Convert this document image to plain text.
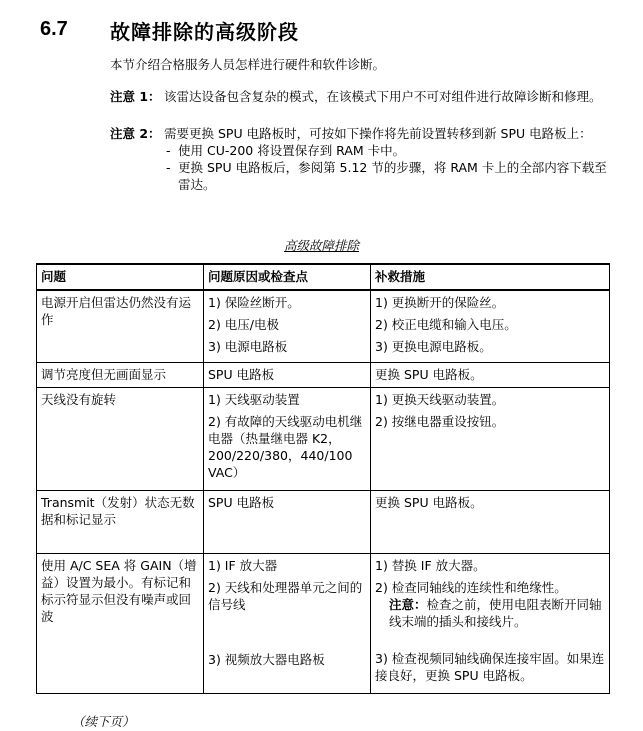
6.7 故障排除的高级阶段
本节介绍合格服务人员怎样进行硬件和软件诊断。
注意 1： 该雷达设备包含复杂的模式，在该模式下用户不可对组件进行故障诊断和修理。
注意 2： 需要更换 SPU 电路板时，可按如下操作将先前设置转移到新 SPU 电路板上：
- 使用 CU-200 将设置保存到 RAM 卡中。
- 更换 SPU 电路板后，参阅第 5.12 节的步骤，将 RAM 卡上的全部内容下载至雷达。
高级故障排除
问题	问题原因或检查点	补救措施
电源开启但雷达仍然没有运作	1) 保险丝断开。
2) 电压/电极
3) 电源电路板	1) 更换断开的保险丝。
2) 校正电缆和输入电压。
3) 更换电源电路板。

调节亮度但无画面显示	SPU 电路板	更换 SPU 电路板。
天线没有旋转	1) 天线驱动装置
2) 有故障的天线驱动电机继电器（热量继电器 K2，200/220/380，440/100 VAC）	1) 更换天线驱动装置。
2) 按继电器重设按钮。

Transmit（发射）状态无数据和标记显示	SPU 电路板	更换 SPU 电路板。
使用 A/C SEA 将 GAIN（增益）设置为最小。有标记和标示符显示但没有噪声或回波	1) IF 放大器
2) 天线和处理器单元之间的信号线
3) 视频放大器电路板	1) 替换 IF 放大器。
2) 检查同轴线的连续性和绝缘性。
注意：检查之前，使用电阻表断开同轴线末端的插头和接线片。
3) 检查视频同轴线确保连接牢固。如果连接良好，更换 SPU 电路板。
（续下页）
